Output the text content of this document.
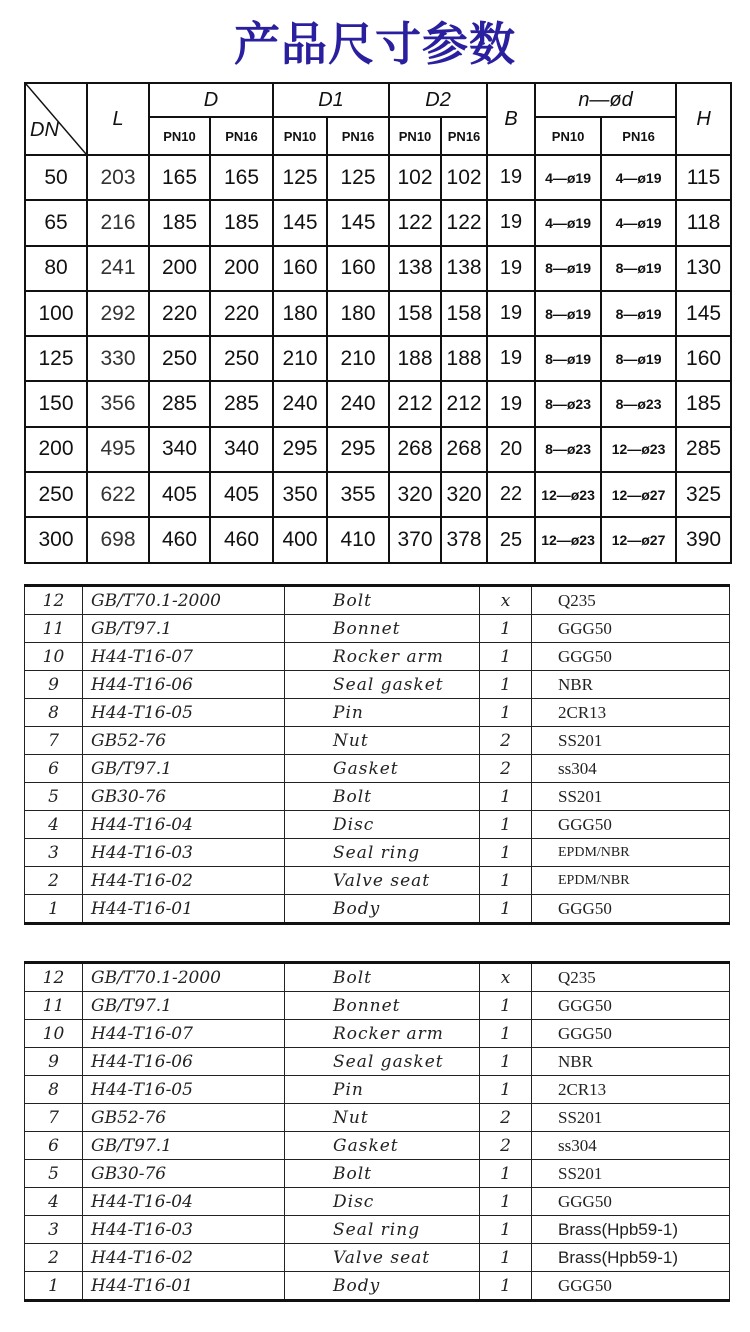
产品尺寸参数
DN	L	D		D1		D2		B	n—ød		H
		PN10	PN16	PN10	PN16	PN10	PN16		PN10	PN16	
50	203	165	165	125	125	102	102	19	4—ø19	4—ø19	115
65	216	185	185	145	145	122	122	19	4—ø19	4—ø19	118
80	241	200	200	160	160	138	138	19	8—ø19	8—ø19	130
100	292	220	220	180	180	158	158	19	8—ø19	8—ø19	145
125	330	250	250	210	210	188	188	19	8—ø19	8—ø19	160
150	356	285	285	240	240	212	212	19	8—ø23	8—ø23	185
200	495	340	340	295	295	268	268	20	8—ø23	12—ø23	285
250	622	405	405	350	355	320	320	22	12—ø23	12—ø27	325
300	698	460	460	400	410	370	378	25	12—ø23	12—ø27	390
12	GB/T70.1-2000	Bolt	x	Q235
11	GB/T97.1	Bonnet	1	GGG50
10	H44-T16-07	Rocker arm	1	GGG50
9	H44-T16-06	Seal gasket	1	NBR
8	H44-T16-05	Pin	1	2CR13
7	GB52-76	Nut	2	SS201
6	GB/T97.1	Gasket	2	ss304
5	GB30-76	Bolt	1	SS201
4	H44-T16-04	Disc	1	GGG50
3	H44-T16-03	Seal ring	1	EPDM/NBR
2	H44-T16-02	Valve seat	1	EPDM/NBR
1	H44-T16-01	Body	1	GGG50
12	GB/T70.1-2000	Bolt	x	Q235
11	GB/T97.1	Bonnet	1	GGG50
10	H44-T16-07	Rocker arm	1	GGG50
9	H44-T16-06	Seal gasket	1	NBR
8	H44-T16-05	Pin	1	2CR13
7	GB52-76	Nut	2	SS201
6	GB/T97.1	Gasket	2	ss304
5	GB30-76	Bolt	1	SS201
4	H44-T16-04	Disc	1	GGG50
3	H44-T16-03	Seal ring	1	Brass(Hpb59-1)
2	H44-T16-02	Valve seat	1	Brass(Hpb59-1)
1	H44-T16-01	Body	1	GGG50
